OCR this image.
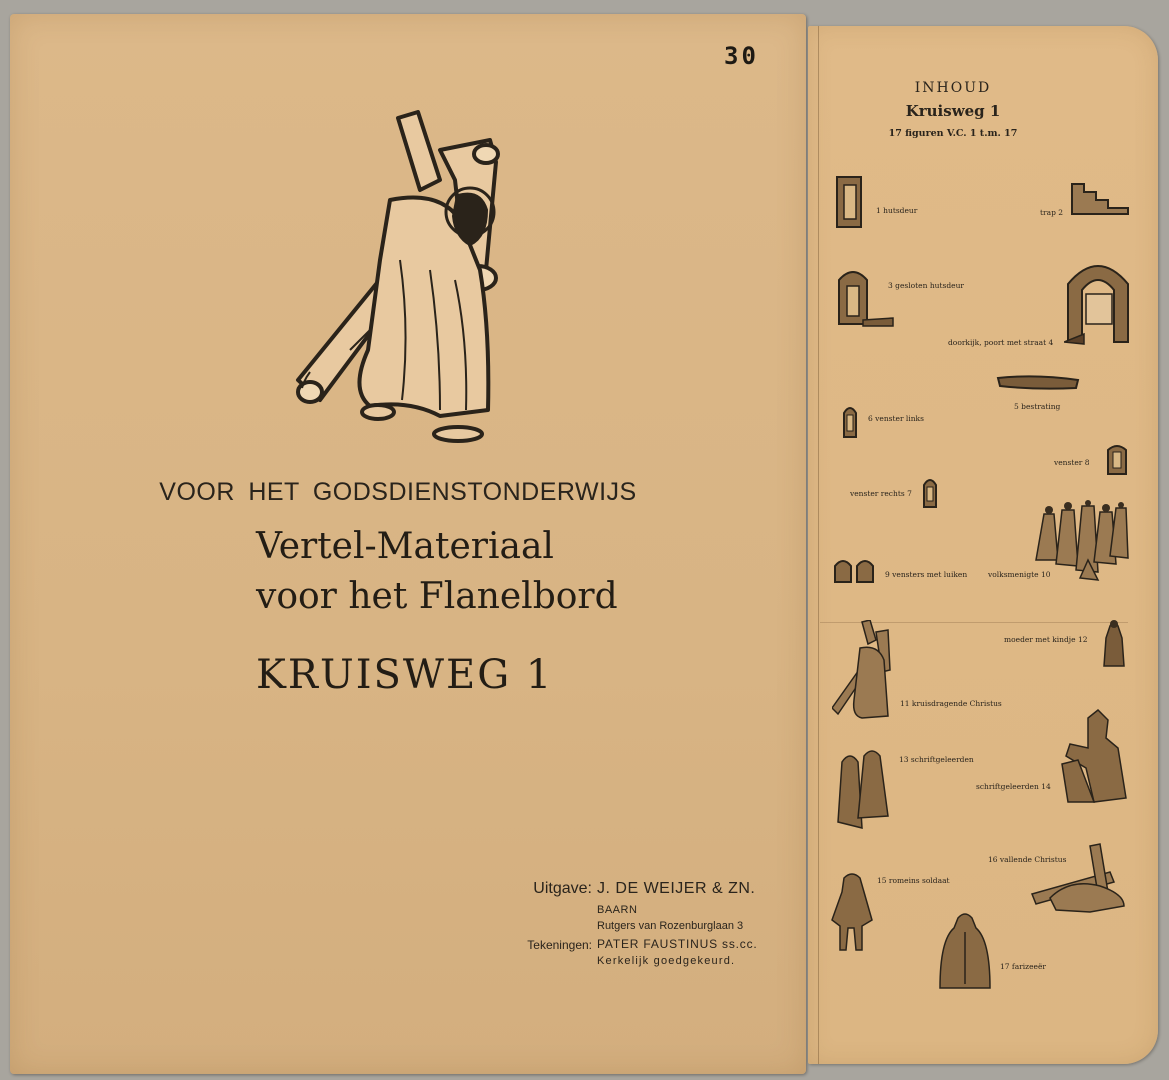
30
VOOR HET GODSDIENSTONDERWIJS
Vertel-Materiaal
voor het Flanelbord
KRUISWEG 1
Uitgave: J. DE WEIJER & ZN.
BAARN
Rutgers van Rozenburglaan 3
Tekeningen: PATER FAUSTINUS ss.cc.
Kerkelijk goedgekeurd.
INHOUD
Kruisweg 1
17 figuren V.C. 1 t.m. 17
1 hutsdeur	trap 2
3 gesloten hutsdeur
doorkijk, poort met straat 4
5 bestrating
6 venster links
venster 8
venster rechts 7
9 vensters met luiken	volksmenigte 10
moeder met kindje 12
11 kruisdragende Christus
13 schriftgeleerden
schriftgeleerden 14
16 vallende Christus
15 romeins soldaat
17 farizeeër
